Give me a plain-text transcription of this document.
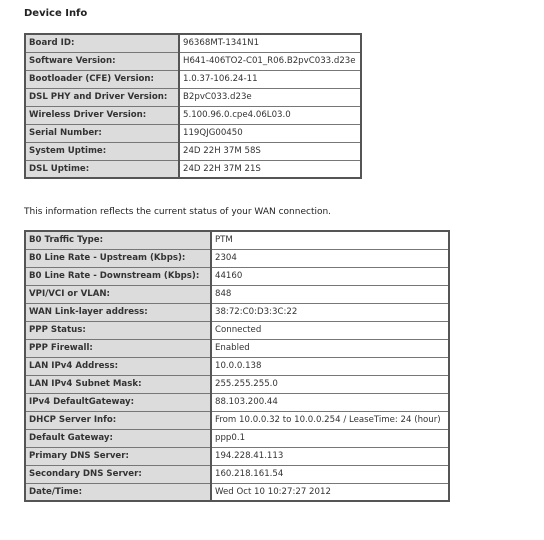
Device Info
Board ID:	96368MT-1341N1
Software Version:	H641-406TO2-C01_R06.B2pvC033.d23e
Bootloader (CFE) Version:	1.0.37-106.24-11
DSL PHY and Driver Version:	B2pvC033.d23e
Wireless Driver Version:	5.100.96.0.cpe4.06L03.0
Serial Number:	119QJG00450
System Uptime:	24D 22H 37M 58S
DSL Uptime:	24D 22H 37M 21S
This information reflects the current status of your WAN connection.
B0 Traffic Type:	PTM
B0 Line Rate - Upstream (Kbps):	2304
B0 Line Rate - Downstream (Kbps):	44160
VPI/VCI or VLAN:	848
WAN Link-layer address:	38:72:C0:D3:3C:22
PPP Status:	Connected
PPP Firewall:	Enabled
LAN IPv4 Address:	10.0.0.138
LAN IPv4 Subnet Mask:	255.255.255.0
IPv4 DefaultGateway:	88.103.200.44
DHCP Server Info:	From 10.0.0.32 to 10.0.0.254 / LeaseTime: 24 (hour)
Default Gateway:	ppp0.1
Primary DNS Server:	194.228.41.113
Secondary DNS Server:	160.218.161.54
Date/Time:	Wed Oct 10 10:27:27 2012
